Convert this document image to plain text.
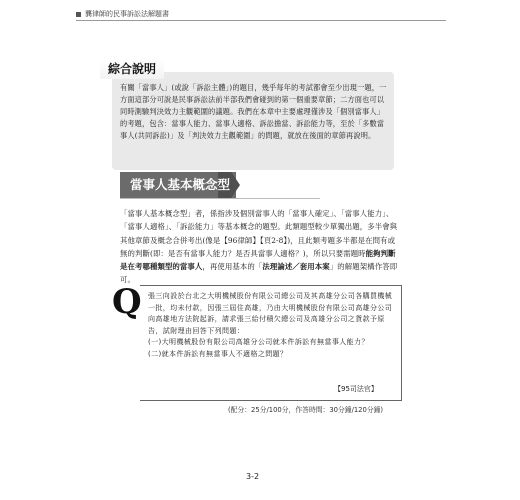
龔律師的民事訴訟法解題書
綜合說明
有關「當事人」(或說「訴訟主體」)的題目，幾乎每年的考試都會至少出現一題，一方面這部分可說是民事訴訟法前半部我們會碰到的第一個重要章節；二方面也可以同時測驗判決效力主觀範圍的議題。我們在本章中主要處理僅涉及「個別當事人」的考題，包含：當事人能力、當事人適格、訴訟擔當、訴訟能力等，至於「多數當事人(共同訴訟)」及「判決效力主觀範圍」的問題，就放在後面的章節再說明。
當事人基本概念型
「當事人基本概念型」者，係指涉及個別當事人的「當事人確定」、「當事人能力」、「當事人適格」、「訴訟能力」等基本概念的題型。此類題型較少單獨出題，多半會與其他章節及概念合併考出(像是【96律師】【頁2-8】)，且此類考題多半都是在問有或無的判斷(即：是否有當事人能力？是否具當事人適格？)，所以只要需題時能夠判斷是在考哪種類型的當事人，再使用基本的「法理論述／套用本案」的解題架構作答即可。
Q 張三向設於台北之大明機械股份有限公司總公司及其高雄分公司各購買機械一批，均未付款，因張三屆住高雄，乃由大明機械股份有限公司高雄分公司向高雄地方法院起訴，請求張三給付積欠總公司及高雄分公司之貨款予原告，試附理由回答下列問題：
(一)大明機械股份有限公司高雄分公司就本件訴訟有無當事人能力？
(二)就本件訴訟有無當事人不適格之問題？
【95司法官】
(配分：25分/100分，作答時間：30分鐘/120分鐘)
3-2
